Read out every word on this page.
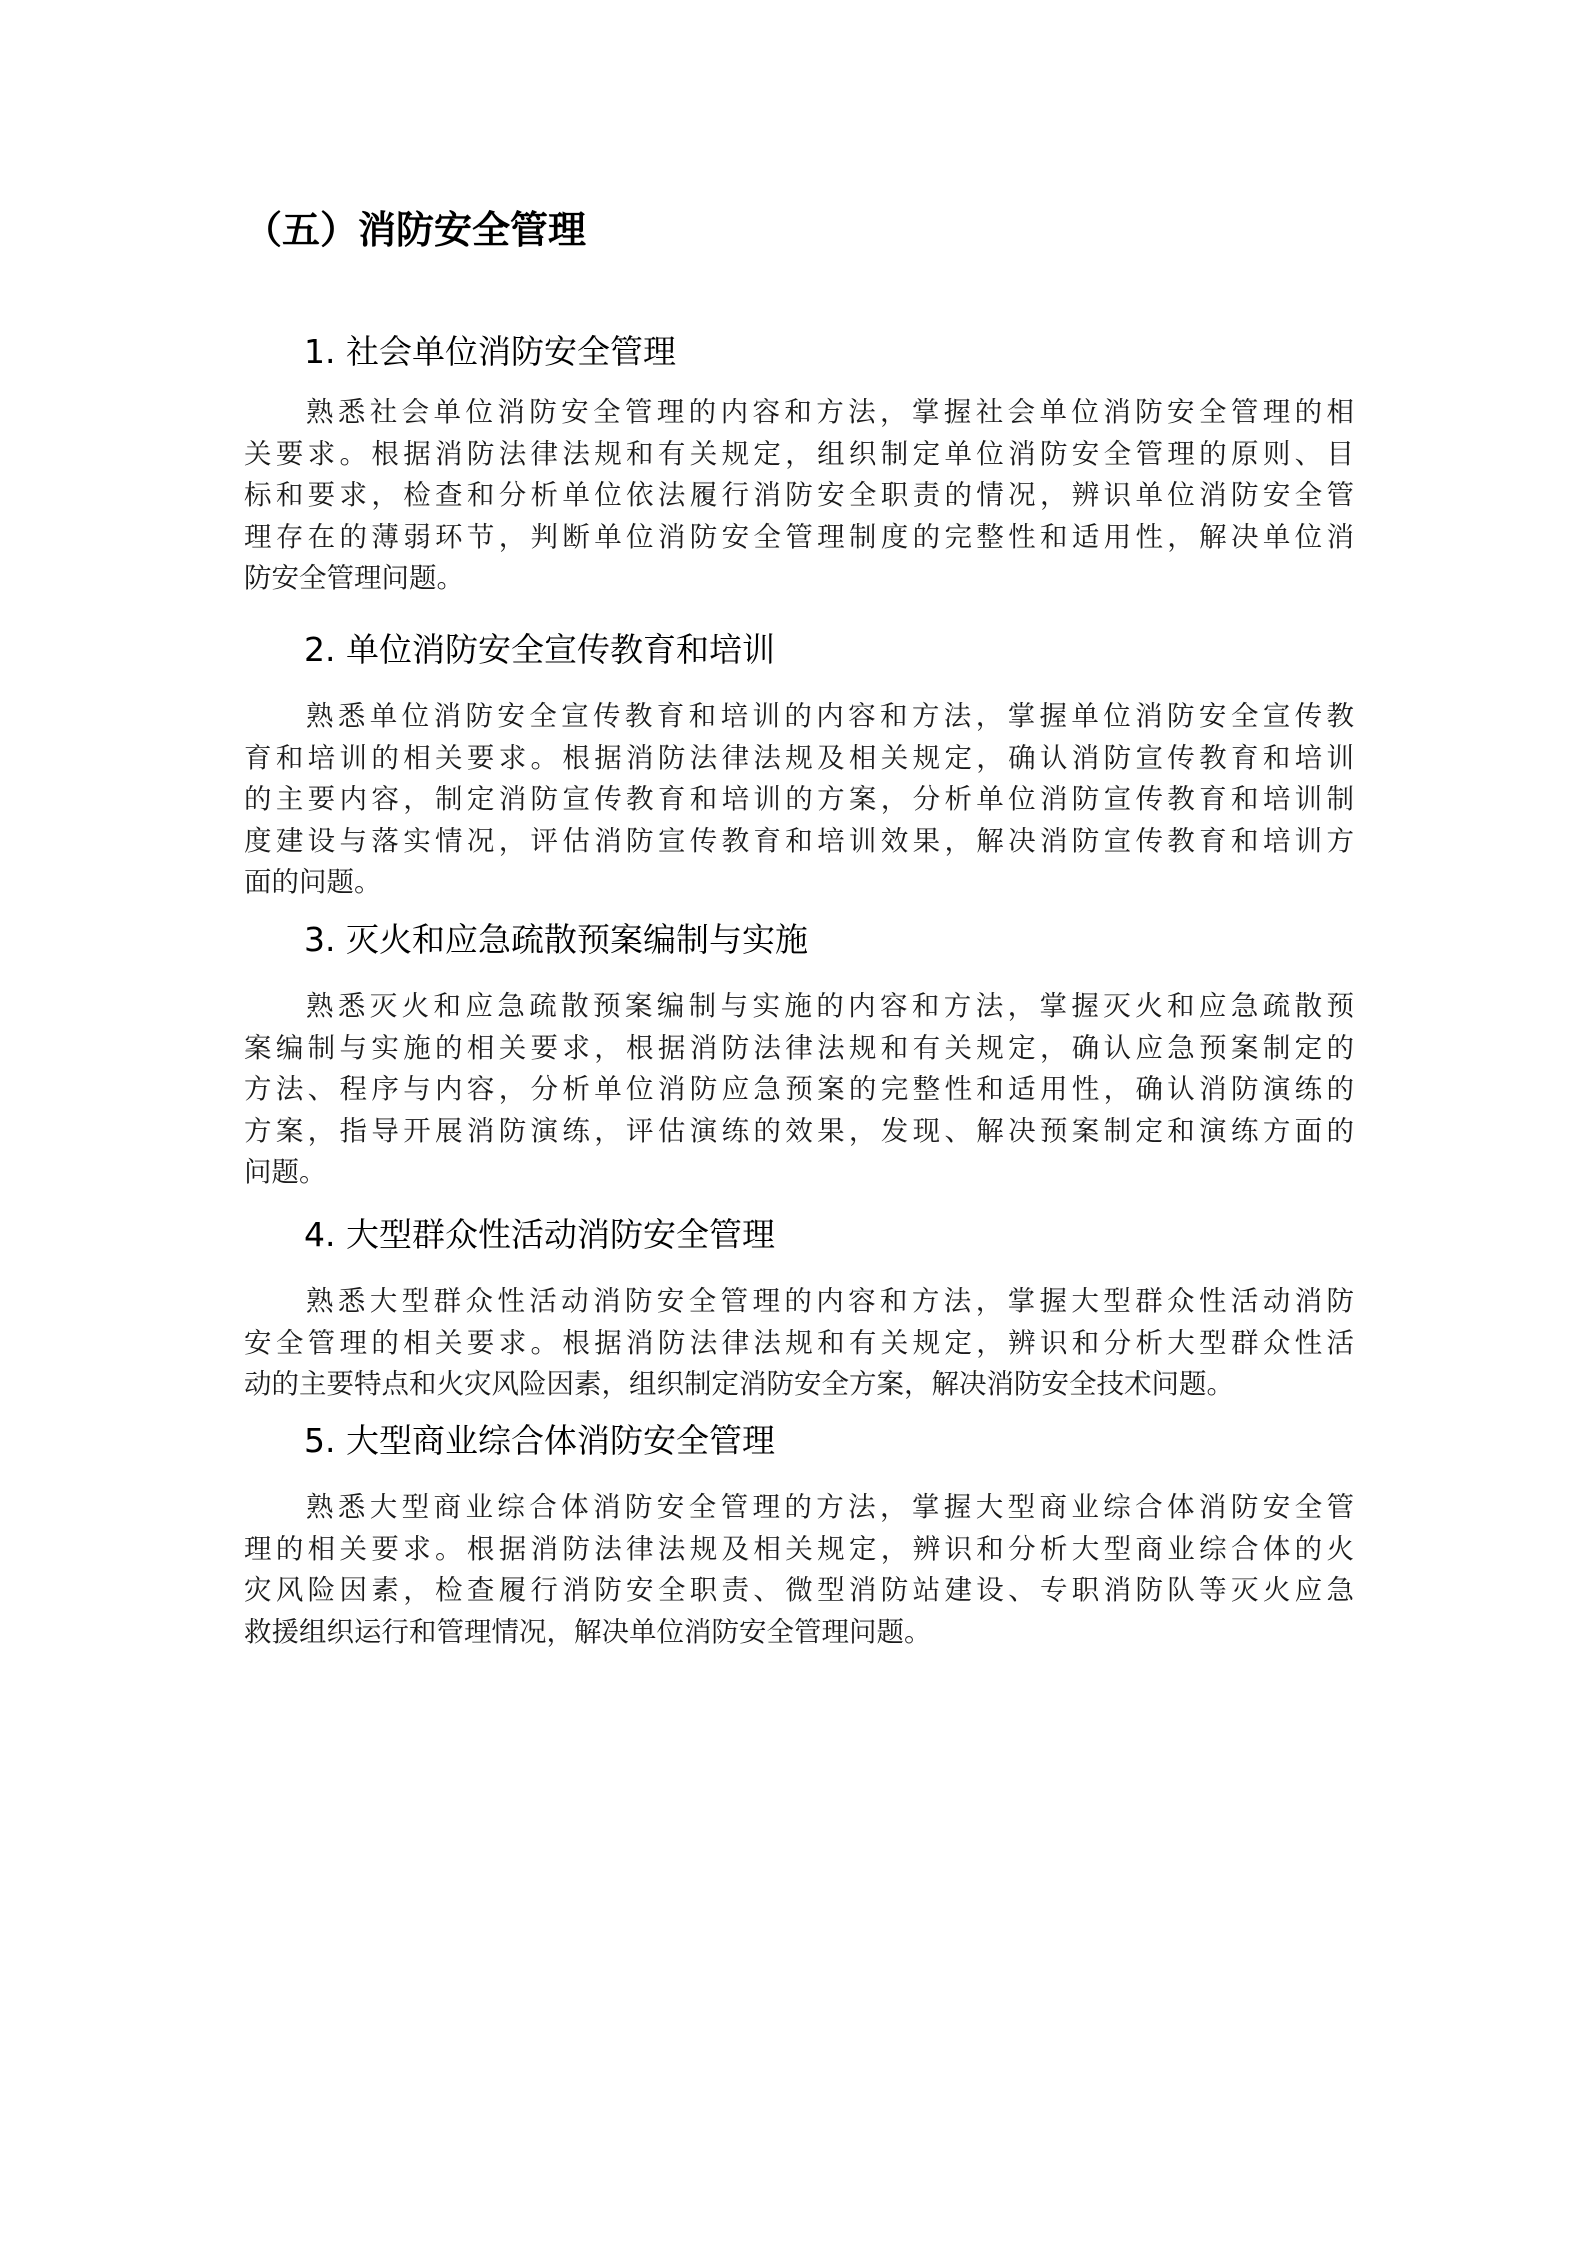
（五）消防安全管理
1. 社会单位消防安全管理

熟悉社会单位消防安全管理的内容和方法，掌握社会单位消防安全管理的相
关要求。根据消防法律法规和有关规定，组织制定单位消防安全管理的原则、目
标和要求，检查和分析单位依法履行消防安全职责的情况，辨识单位消防安全管
理存在的薄弱环节，判断单位消防安全管理制度的完整性和适用性，解决单位消
防安全管理问题。

2. 单位消防安全宣传教育和培训

熟悉单位消防安全宣传教育和培训的内容和方法，掌握单位消防安全宣传教
育和培训的相关要求。根据消防法律法规及相关规定，确认消防宣传教育和培训
的主要内容，制定消防宣传教育和培训的方案，分析单位消防宣传教育和培训制
度建设与落实情况，评估消防宣传教育和培训效果，解决消防宣传教育和培训方
面的问题。

3. 灭火和应急疏散预案编制与实施

熟悉灭火和应急疏散预案编制与实施的内容和方法，掌握灭火和应急疏散预
案编制与实施的相关要求，根据消防法律法规和有关规定，确认应急预案制定的
方法、程序与内容，分析单位消防应急预案的完整性和适用性，确认消防演练的
方案，指导开展消防演练，评估演练的效果，发现、解决预案制定和演练方面的
问题。

4. 大型群众性活动消防安全管理

熟悉大型群众性活动消防安全管理的内容和方法，掌握大型群众性活动消防
安全管理的相关要求。根据消防法律法规和有关规定，辨识和分析大型群众性活
动的主要特点和火灾风险因素，组织制定消防安全方案，解决消防安全技术问题。

5. 大型商业综合体消防安全管理

熟悉大型商业综合体消防安全管理的方法，掌握大型商业综合体消防安全管
理的相关要求。根据消防法律法规及相关规定，辨识和分析大型商业综合体的火
灾风险因素，检查履行消防安全职责、微型消防站建设、专职消防队等灭火应急
救援组织运行和管理情况，解决单位消防安全管理问题。
